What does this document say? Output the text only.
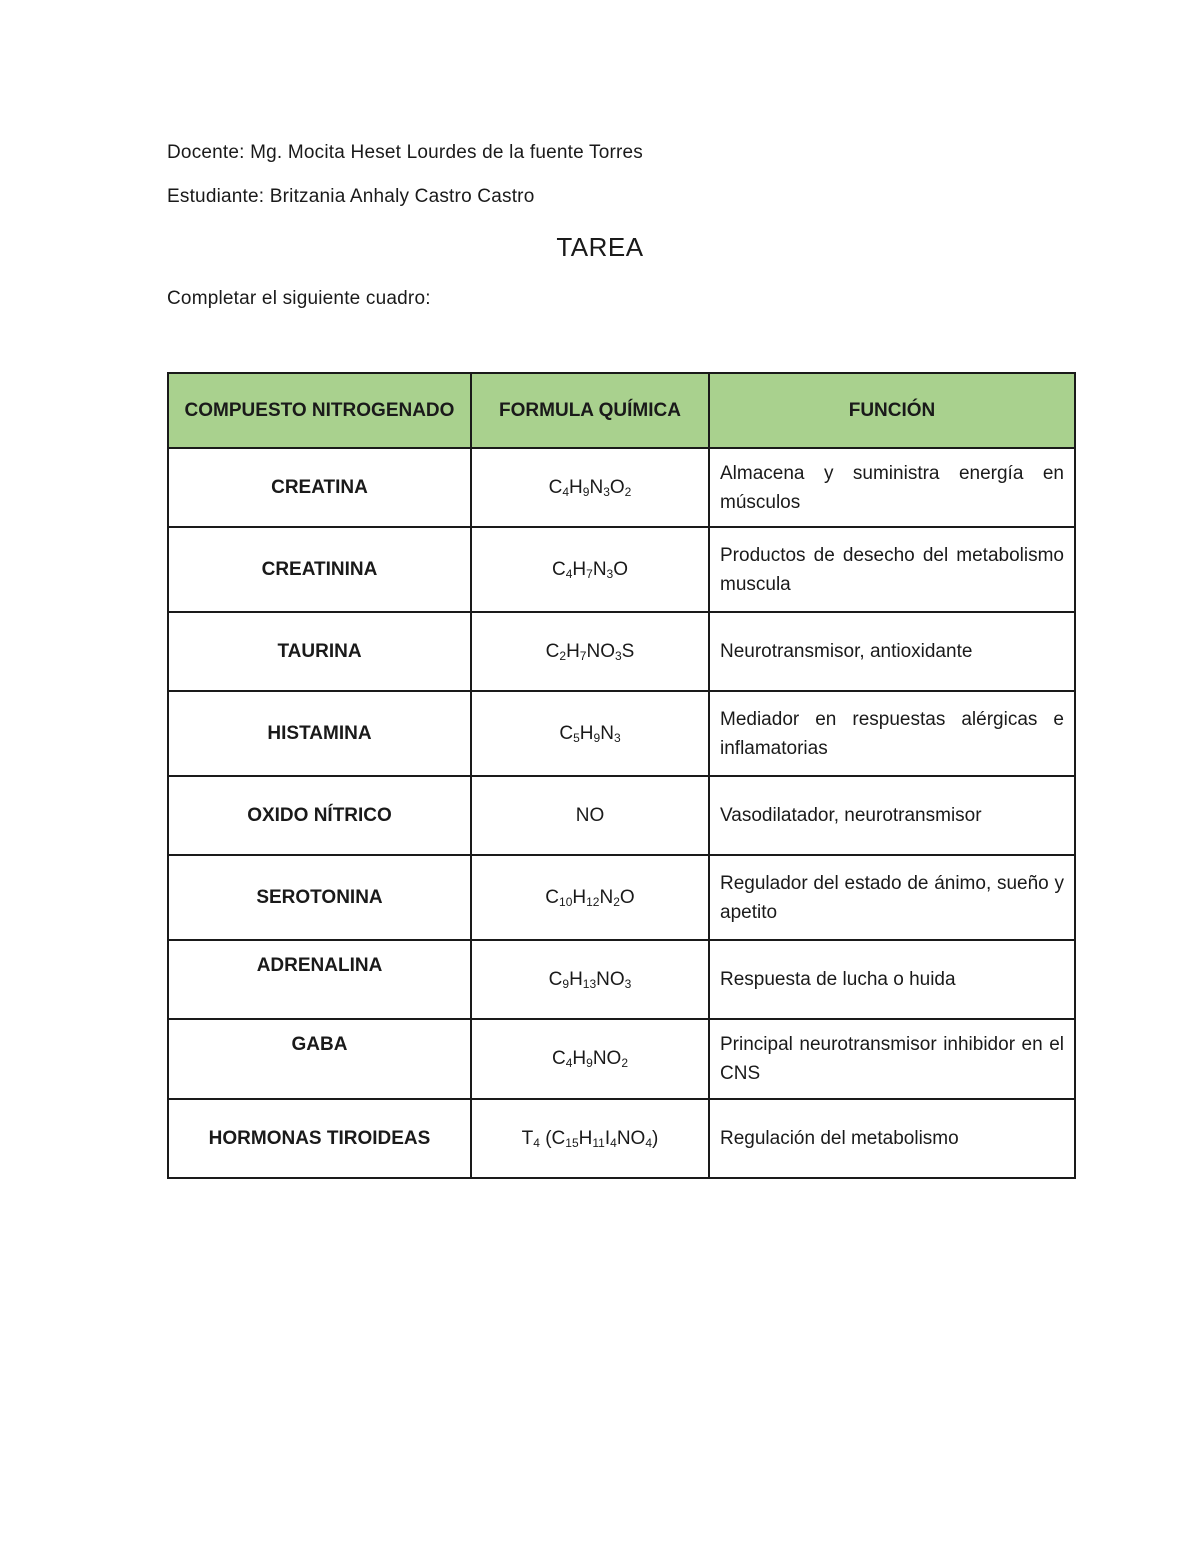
Docente: Mg. Mocita Heset Lourdes de la fuente Torres
Estudiante: Britzania Anhaly Castro Castro
TAREA
Completar el siguiente cuadro:
COMPUESTO NITROGENADO	FORMULA QUÍMICA	FUNCIÓN
CREATINA	$C_4H_9N_3O_2$	Almacena y suministra energía en músculos
CREATININA	$C_4H_7N_3O$	Productos de desecho del metabolismo muscula
TAURINA	$C_2H_7NO_3S$	Neurotransmisor, antioxidante
HISTAMINA	$C_5H_9N_3$	Mediador en respuestas alérgicas e inflamatorias
OXIDO NÍTRICO	NO	Vasodilatador, neurotransmisor
SEROTONINA	$C_{10}H_{12}N_2O$	Regulador del estado de ánimo, sueño y apetito
ADRENALINA	$C_9H_{13}NO_3$	Respuesta de lucha o huida
GABA	$C_4H_9NO_2$	Principal neurotransmisor inhibidor en el CNS
HORMONAS TIROIDEAS	$T_4$ $(C_{15}H_{11}I_4NO_4)$	Regulación del metabolismo
